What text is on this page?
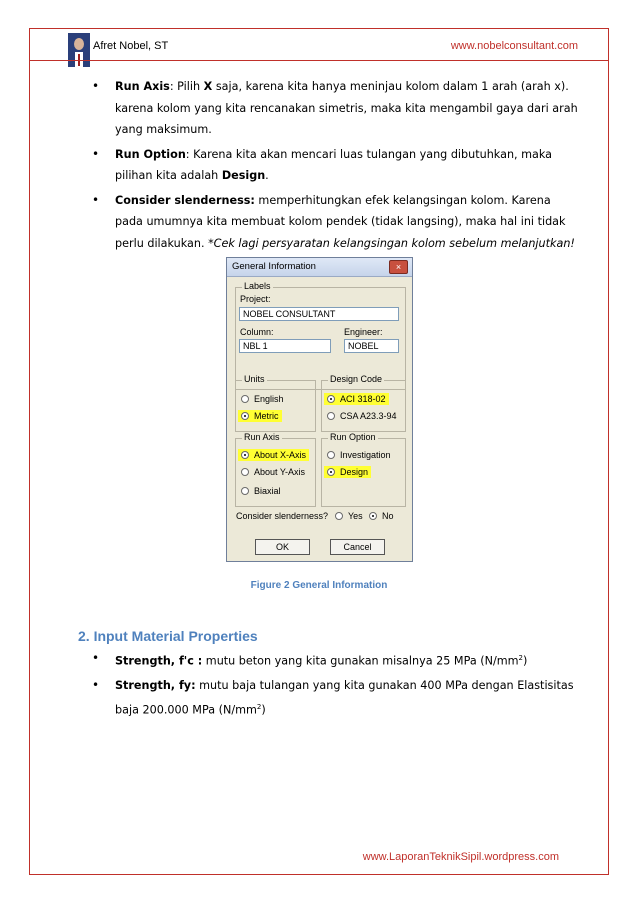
Afret Nobel, ST	www.nobelconsultant.com
• Run Axis: Pilih X saja, karena kita hanya meninjau kolom dalam 1 arah (arah x). karena kolom yang kita rencanakan simetris, maka kita mengambil gaya dari arah yang maksimum.
• Run Option: Karena kita akan mencari luas tulangan yang dibutuhkan, maka pilihan kita adalah Design.
• Consider slenderness: memperhitungkan efek kelangsingan kolom. Karena pada umumnya kita membuat kolom pendek (tidak langsing), maka hal ini tidak perlu dilakukan. *Cek lagi persyaratan kelangsingan kolom sebelum melanjutkan!
General Information	×
Labels
Project:
NOBEL CONSULTANT
Column:	Engineer:
NBL 1	NOBEL
Units
English
Metric
Design Code
ACI 318-02
CSA A23.3-94
Run Axis
About X-Axis
About Y-Axis
Biaxial
Run Option
Investigation
Design
Consider slenderness?	Yes	No
OK	Cancel
Figure 2 General Information
2. Input Material Properties
• Strength, f'c : mutu beton yang kita gunakan misalnya 25 MPa $(N/mm^2)$
• Strength, fy: mutu baja tulangan yang kita gunakan 400 MPa dengan Elastisitas baja 200.000 MPa $(N/mm^2)$
www.LaporanTeknikSipil.wordpress.com
